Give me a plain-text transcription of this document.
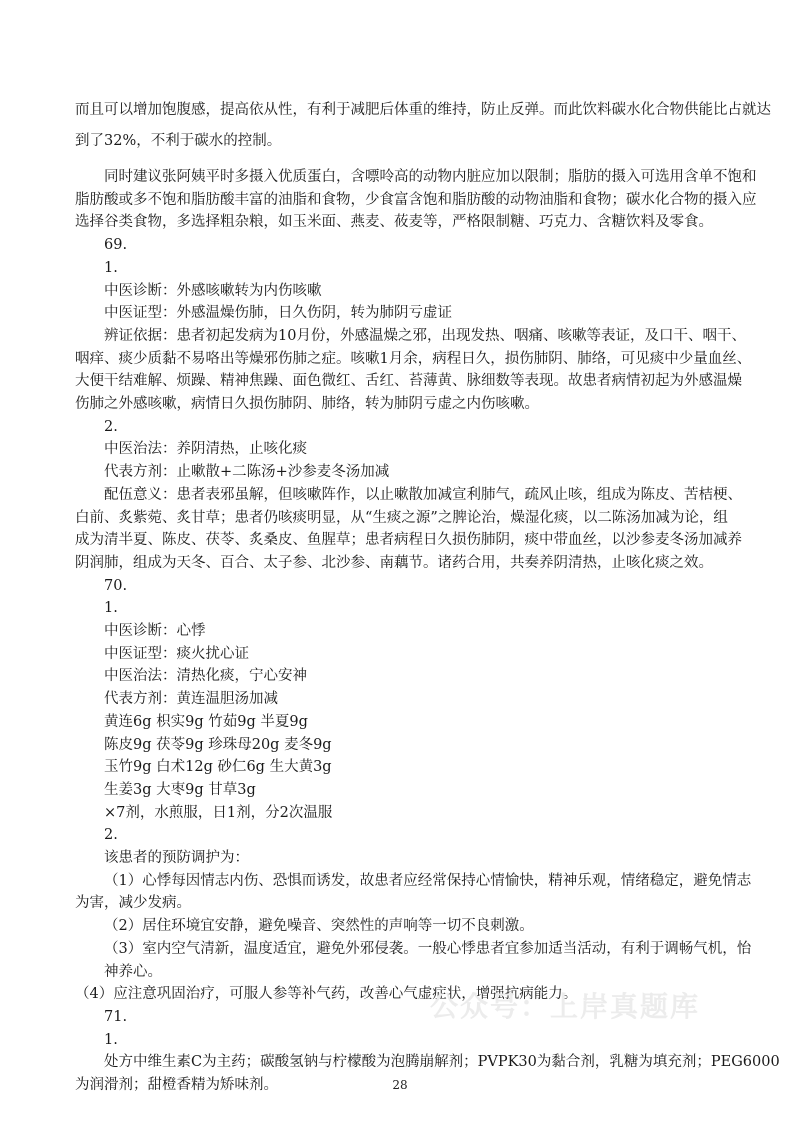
而且可以增加饱腹感，提高依从性，有利于减肥后体重的维持，防止反弹。而此饮料碳水化合物供能比占就达
到了32%，不利于碳水的控制。
同时建议张阿姨平时多摄入优质蛋白，含嘌呤高的动物内脏应加以限制；脂肪的摄入可选用含单不饱和
脂肪酸或多不饱和脂肪酸丰富的油脂和食物，少食富含饱和脂肪酸的动物油脂和食物；碳水化合物的摄入应
选择谷类食物，多选择粗杂粮，如玉米面、燕麦、莜麦等，严格限制糖、巧克力、含糖饮料及零食。
69.
1.
中医诊断：外感咳嗽转为内伤咳嗽
中医证型：外感温燥伤肺，日久伤阴，转为肺阴亏虚证
辨证依据：患者初起发病为10月份，外感温燥之邪，出现发热、咽痛、咳嗽等表证，及口干、咽干、
咽痒、痰少质黏不易咯出等燥邪伤肺之症。咳嗽1月余，病程日久，损伤肺阴、肺络，可见痰中少量血丝、
大便干结难解、烦躁、精神焦躁、面色微红、舌红、苔薄黄、脉细数等表现。故患者病情初起为外感温燥
伤肺之外感咳嗽，病情日久损伤肺阴、肺络，转为肺阴亏虚之内伤咳嗽。
2.
中医治法：养阴清热，止咳化痰
代表方剂：止嗽散+二陈汤+沙参麦冬汤加减
配伍意义：患者表邪虽解，但咳嗽阵作，以止嗽散加减宣利肺气，疏风止咳，组成为陈皮、苦桔梗、
白前、炙紫菀、炙甘草；患者仍咳痰明显，从“生痰之源”之脾论治，燥湿化痰，以二陈汤加减为论，组
成为清半夏、陈皮、茯苓、炙桑皮、鱼腥草；患者病程日久损伤肺阴，痰中带血丝，以沙参麦冬汤加减养
阴润肺，组成为天冬、百合、太子参、北沙参、南藕节。诸药合用，共奏养阴清热，止咳化痰之效。
70.
1.
中医诊断：心悸
中医证型：痰火扰心证
中医治法：清热化痰，宁心安神
代表方剂：黄连温胆汤加减
黄连6g 枳实9g 竹茹9g 半夏9g
陈皮9g 茯苓9g 珍珠母20g 麦冬9g
玉竹9g 白术12g 砂仁6g 生大黄3g
生姜3g 大枣9g 甘草3g
×7剂，水煎服，日1剂，分2次温服
2.
该患者的预防调护为：
（1）心悸每因情志内伤、恐惧而诱发，故患者应经常保持心情愉快，精神乐观，情绪稳定，避免情志
为害，减少发病。
（2）居住环境宜安静，避免噪音、突然性的声响等一切不良刺激。
（3）室内空气清新，温度适宜，避免外邪侵袭。一般心悸患者宜参加适当活动，有利于调畅气机，怡
神养心。
（4）应注意巩固治疗，可服人参等补气药，改善心气虚症状，增强抗病能力。
71.
1.
处方中维生素C为主药；碳酸氢钠与柠檬酸为泡腾崩解剂；PVPK30为黏合剂，乳糖为填充剂；PEG6000
为润滑剂；甜橙香精为矫味剂。
公众号：上岸真题库
28
